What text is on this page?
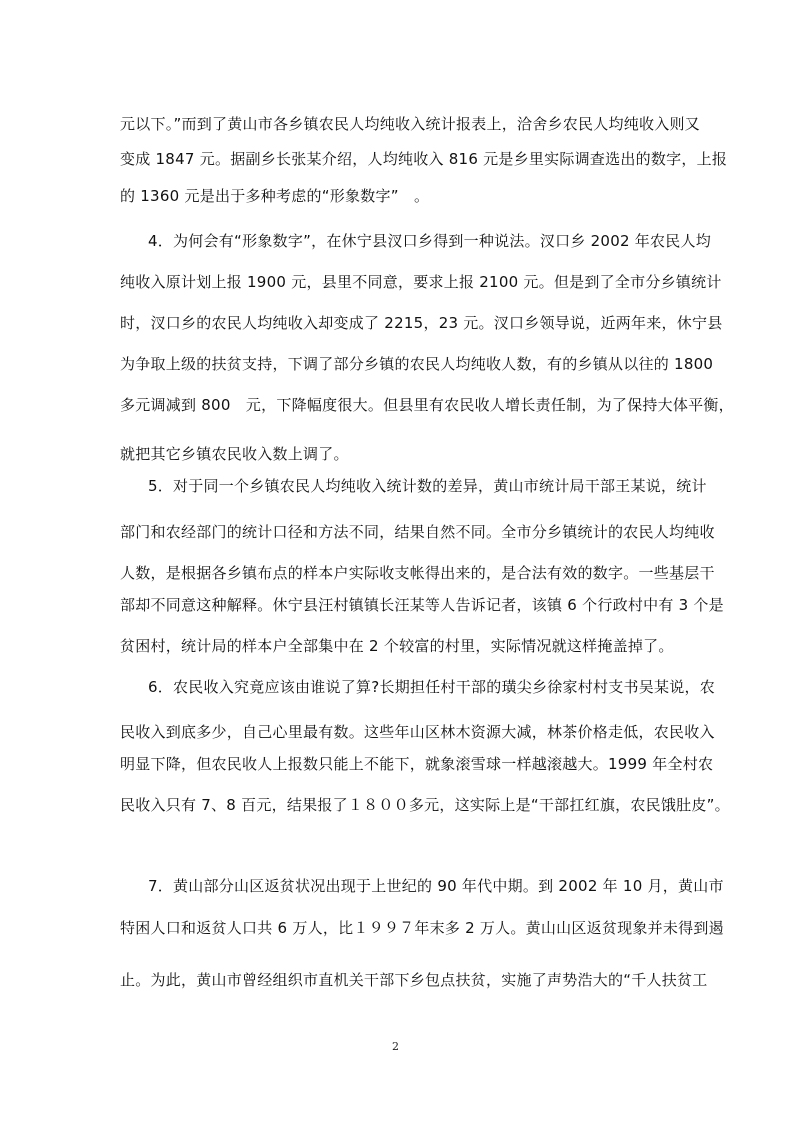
元以下。”而到了黄山市各乡镇农民人均纯收入统计报表上，洽舍乡农民人均纯收入则又
变成 1847 元。据副乡长张某介绍，人均纯收入 816 元是乡里实际调查选出的数字，上报
的 1360 元是出于多种考虑的“形象数字”　。
4．为何会有“形象数字”，在休宁县汊口乡得到一种说法。汊口乡 2002 年农民人均
纯收入原计划上报 1900 元，县里不同意，要求上报 2100 元。但是到了全市分乡镇统计
时，汊口乡的农民人均纯收入却变成了 2215，23 元。汊口乡领导说，近两年来，休宁县
为争取上级的扶贫支持，下调了部分乡镇的农民人均纯收人数，有的乡镇从以往的 1800
多元调减到 800　元，下降幅度很大。但县里有农民收人增长责任制，为了保持大体平衡，
就把其它乡镇农民收入数上调了。
5．对于同一个乡镇农民人均纯收入统计数的差异，黄山市统计局干部王某说，统计
部门和农经部门的统计口径和方法不同，结果自然不同。全市分乡镇统计的农民人均纯收
人数，是根据各乡镇布点的样本户实际收支帐得出来的，是合法有效的数字。一些基层干
部却不同意这种解释。休宁县汪村镇镇长汪某等人告诉记者，该镇 6 个行政村中有 3 个是
贫困村，统计局的样本户全部集中在 2 个较富的村里，实际情况就这样掩盖掉了。
6．农民收入究竟应该由谁说了算?长期担任村干部的璜尖乡徐家村村支书吴某说，农
民收入到底多少，自己心里最有数。这些年山区林木资源大减，林茶价格走低，农民收入
明显下降，但农民收人上报数只能上不能下，就象滚雪球一样越滚越大。1999 年全村农
民收入只有 7、8 百元，结果报了１８００多元，这实际上是“干部扛红旗，农民饿肚皮”。
7．黄山部分山区返贫状况出现于上世纪的 90 年代中期。到 2002 年 10 月，黄山市
特困人口和返贫人口共 6 万人，比１９９７年末多 2 万人。黄山山区返贫现象并未得到遏
止。为此，黄山市曾经组织市直机关干部下乡包点扶贫，实施了声势浩大的“千人扶贫工
2
